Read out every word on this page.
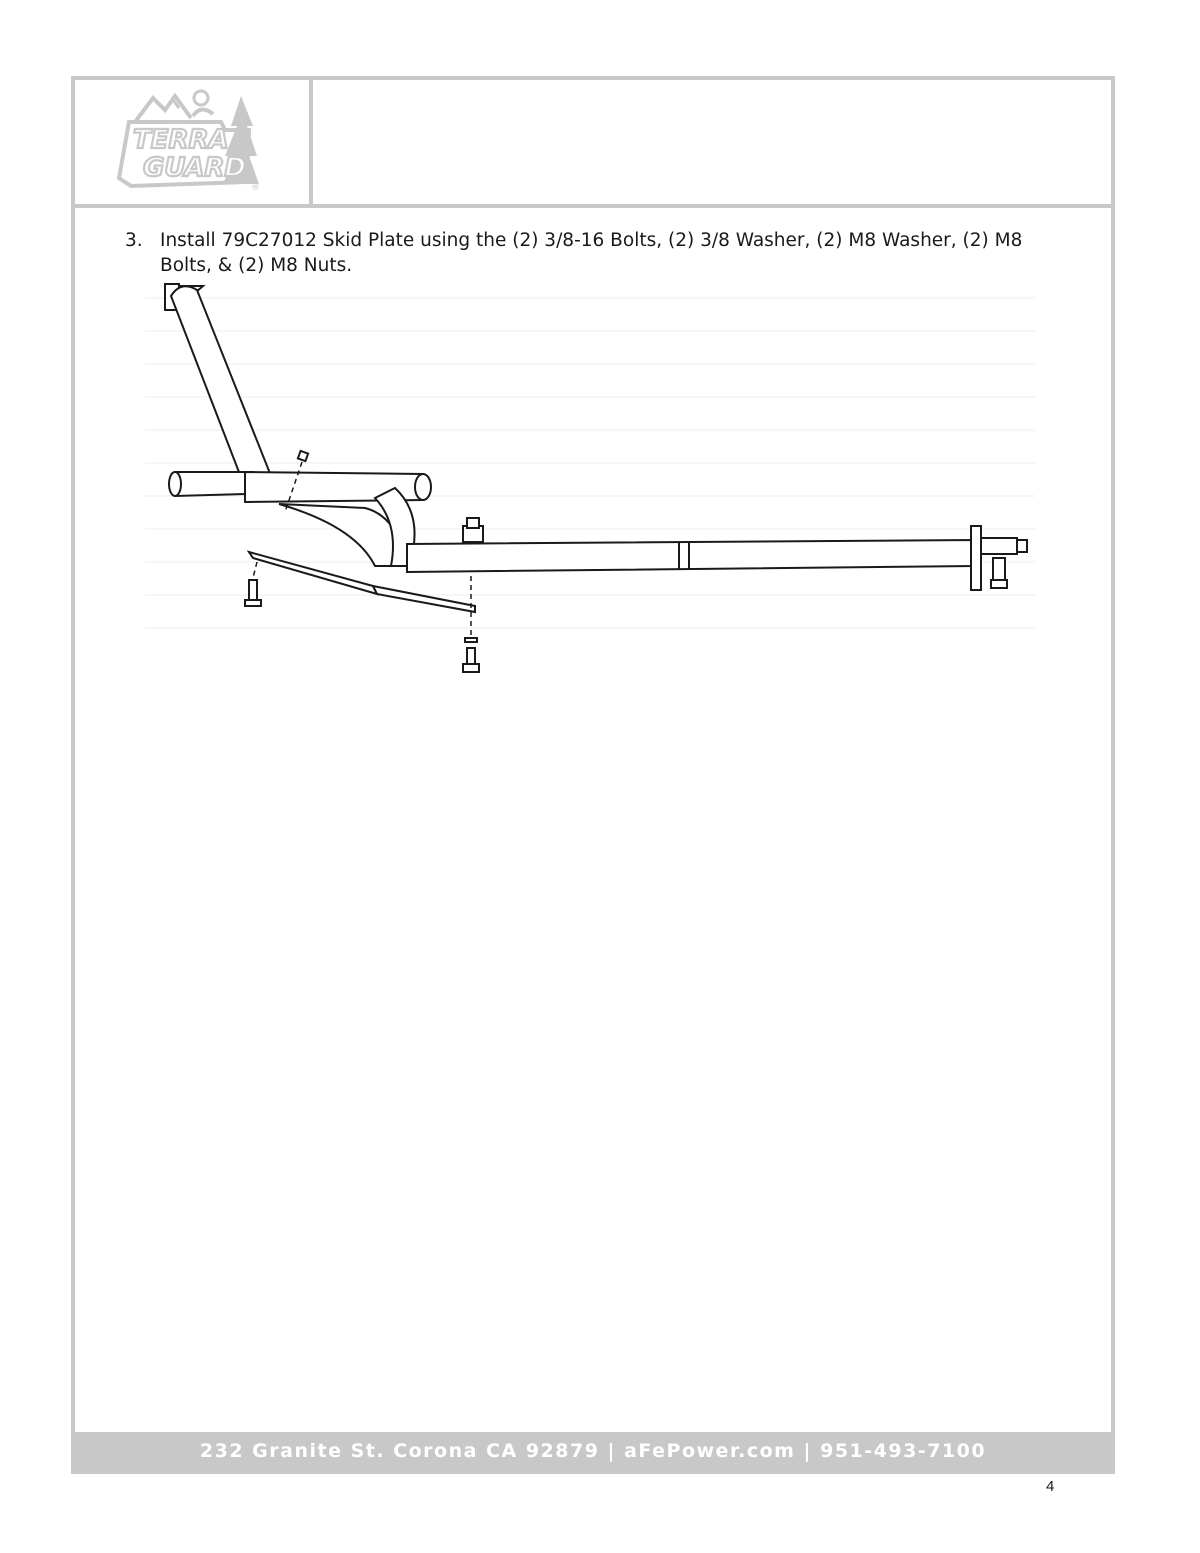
TERRA
GUARD
®
3. Install 79C27012 Skid Plate using the (2) 3/8-16 Bolts, (2) 3/8 Washer, (2) M8 Washer, (2) M8 Bolts, & (2) M8 Nuts.
232 Granite St. Corona CA 92879 | aFePower.com | 951-493-7100
4
